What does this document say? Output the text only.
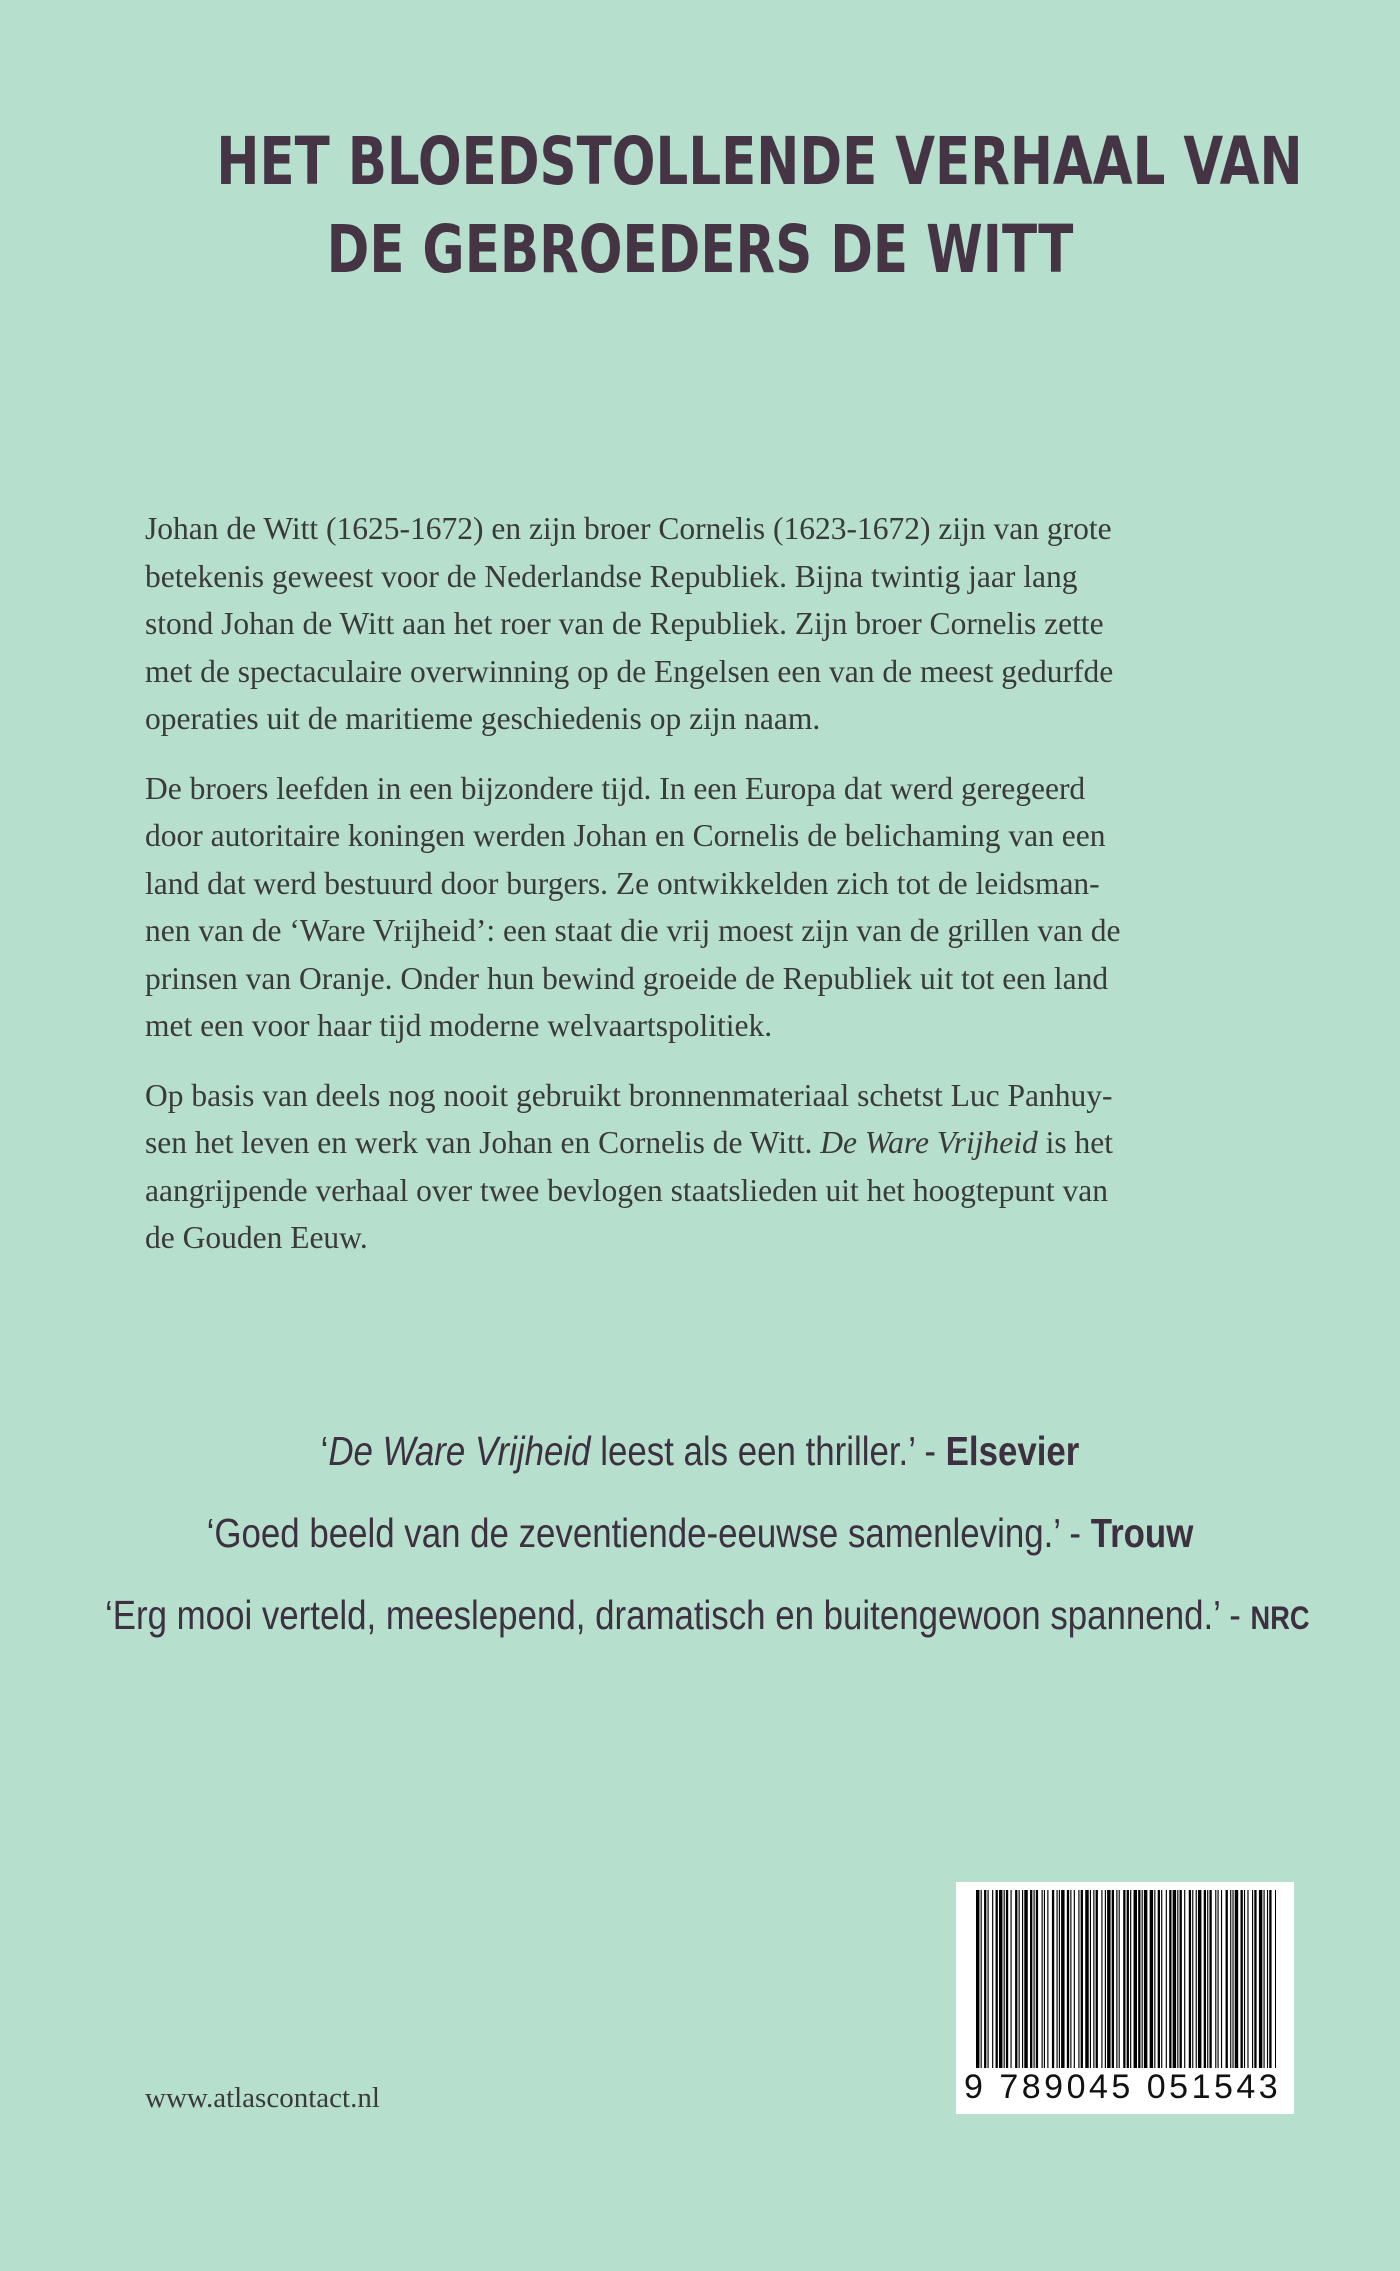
HET BLOEDSTOLLENDE VERHAAL VAN
DE GEBROEDERS DE WITT

Johan de Witt (1625-1672) en zijn broer Cornelis (1623-1672) zijn van grote
betekenis geweest voor de Nederlandse Republiek. Bijna twintig jaar lang
stond Johan de Witt aan het roer van de Republiek. Zijn broer Cornelis zette
met de spectaculaire overwinning op de Engelsen een van de meest gedurfde
operaties uit de maritieme geschiedenis op zijn naam.

De broers leefden in een bijzondere tijd. In een Europa dat werd geregeerd
door autoritaire koningen werden Johan en Cornelis de belichaming van een
land dat werd bestuurd door burgers. Ze ontwikkelden zich tot de leidsman-
nen van de ‘Ware Vrijheid’: een staat die vrij moest zijn van de grillen van de
prinsen van Oranje. Onder hun bewind groeide de Republiek uit tot een land
met een voor haar tijd moderne welvaartspolitiek.

Op basis van deels nog nooit gebruikt bronnenmateriaal schetst Luc Panhuy-
sen het leven en werk van Johan en Cornelis de Witt. De Ware Vrijheid is het
aangrijpende verhaal over twee bevlogen staatslieden uit het hoogtepunt van
de Gouden Eeuw.

‘De Ware Vrijheid leest als een thriller.’ - Elsevier
‘Goed beeld van de zeventiende-eeuwse samenleving.’ - Trouw
‘Erg mooi verteld, meeslepend, dramatisch en buitengewoon spannend.’ - NRC
www.atlascontact.nl	9 789045 051543
